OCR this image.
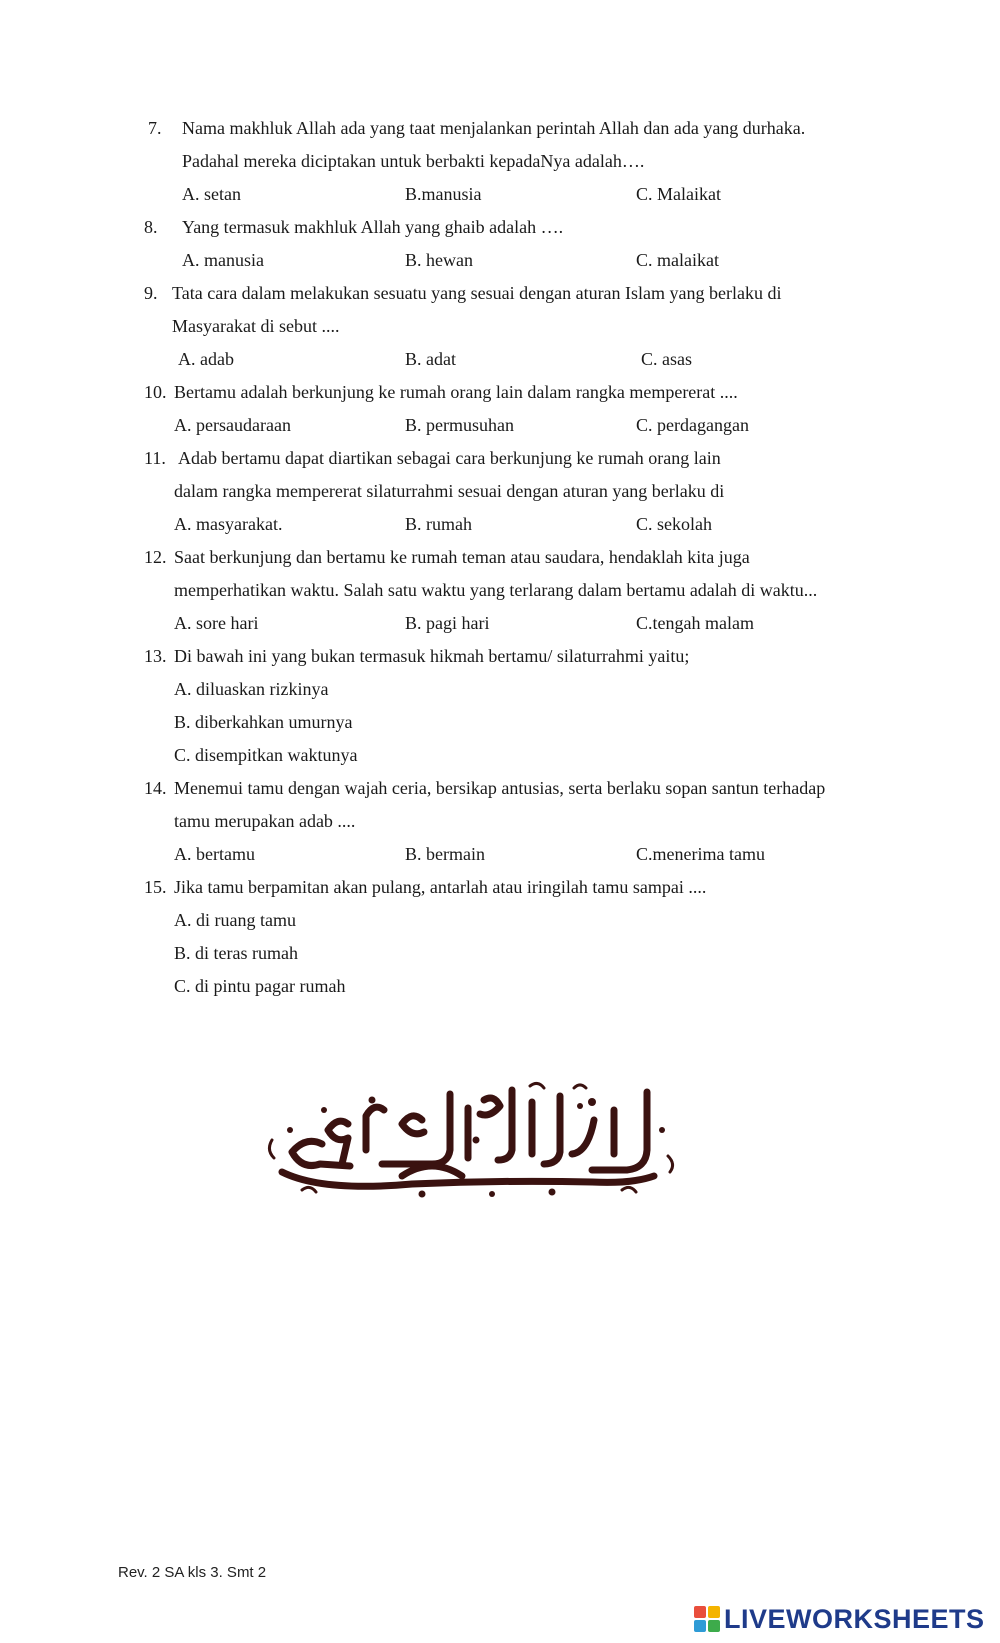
7. Nama makhluk Allah ada yang taat menjalankan perintah Allah dan ada yang durhaka.
Padahal mereka diciptakan untuk berbakti kepadaNya adalah….
A. setan	B.manusia	C. Malaikat
8. Yang termasuk makhluk Allah yang ghaib adalah ….
A. manusia	B. hewan	C. malaikat
9. Tata cara dalam melakukan sesuatu yang sesuai dengan aturan Islam yang berlaku di
Masyarakat di sebut ....
A. adab	B. adat	C. asas
10. Bertamu adalah berkunjung ke rumah orang lain dalam rangka mempererat ....
A. persaudaraan	B. permusuhan	C. perdagangan
11. Adab bertamu dapat diartikan sebagai cara berkunjung ke rumah orang lain
dalam rangka mempererat silaturrahmi sesuai dengan aturan yang berlaku di
A. masyarakat.	B. rumah	C. sekolah
12. Saat berkunjung dan bertamu ke rumah teman atau saudara, hendaklah kita juga
memperhatikan waktu. Salah satu waktu yang terlarang dalam bertamu adalah di waktu...
A. sore hari	B. pagi hari	C.tengah malam
13. Di bawah ini yang bukan termasuk hikmah bertamu/ silaturrahmi yaitu;
A. diluaskan rizkinya
B. diberkahkan umurnya
C. disempitkan waktunya
14. Menemui tamu dengan wajah ceria, bersikap antusias, serta berlaku sopan santun terhadap
tamu merupakan adab ....
A. bertamu	B. bermain	C.menerima tamu
15. Jika tamu berpamitan akan pulang, antarlah atau iringilah tamu sampai ....
A. di ruang tamu
B. di teras rumah
C. di pintu pagar rumah
Rev. 2 SA kls 3. Smt 2
LIVEWORKSHEETS
